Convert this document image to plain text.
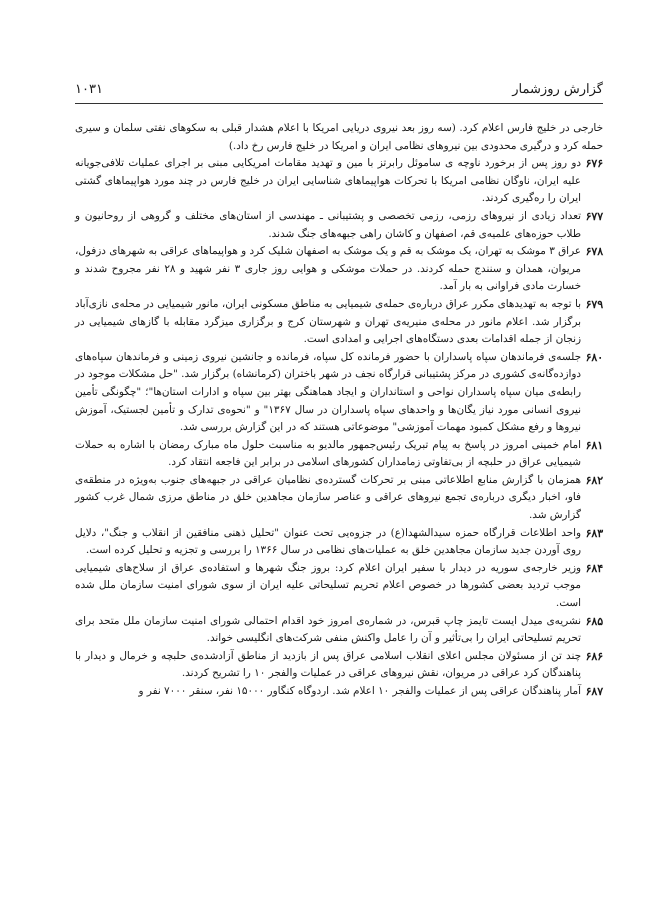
گزارش روزشمار
۱۰۳۱

خارجی در خلیج فارس اعلام کرد. (سه روز بعد نیروی دریایی امریکا با اعلام هشدار قبلی به سکوهای نفتی سلمان و سیری حمله کرد و درگیری محدودی بین نیروهای نظامی ایران و امریکا در خلیج فارس رخ داد.)

۶۷۶

دو روز پس از برخورد ناوچه ی ساموئل رابرتز با مین و تهدید مقامات امریکایی مبنی بر اجرای عملیات تلافی‌جویانه علیه ایران، ناوگان نظامی امریکا با تحرکات هواپیماهای شناسایی ایران در خلیج فارس در چند مورد هواپیماهای گشتی ایران را ره‌گیری کردند.

۶۷۷

تعداد زیادی از نیروهای رزمی، رزمی تخصصی و پشتیبانی ـ مهندسی از استان‌های مختلف و گروهی از روحانیون و طلاب حوزه‌های علمیه‌ی قم، اصفهان و کاشان راهی جبهه‌های جنگ شدند.

۶۷۸

عراق ۳ موشک به تهران، یک موشک به قم و یک موشک به اصفهان شلیک کرد و هواپیماهای عراقی به شهرهای دزفول، مریوان، همدان و سنندج حمله کردند. در حملات موشکی و هوایی روز جاری ۳ نفر شهید و ۲۸ نفر مجروح شدند و خسارت مادی فراوانی به بار آمد.

۶۷۹

با توجه به تهدیدهای مکرر عراق درباره‌ی حمله‌ی شیمیایی به مناطق مسکونی ایران، مانور شیمیایی در محله‌ی نازی‌آباد برگزار شد. اعلام مانور در محله‌ی منیریه‌ی تهران و شهرستان کرج و برگزاری میزگرد مقابله با گازهای شیمیایی در زنجان از جمله اقدامات بعدی دستگاه‌های اجرایی و امدادی است.

۶۸۰

جلسه‌ی فرماندهان سپاه پاسداران با حضور فرمانده کل سپاه، فرمانده و جانشین نیروی زمینی و فرماندهان سپاه‌های دوازده‌گانه‌ی کشوری در مرکز پشتیبانی قرارگاه نجف در شهر باختران (کرمانشاه) برگزار شد. "حل مشکلات موجود در رابطه‌ی میان سپاه پاسداران نواحی و استانداران و ایجاد هماهنگی بهتر بین سپاه و ادارات استان‌ها"؛ "چگونگی تأمین نیروی انسانی مورد نیاز یگان‌ها و واحدهای سپاه پاسداران در سال ۱۳۶۷" و "نحوه‌ی تدارک و تأمین لجستیک، آموزش نیروها و رفع مشکل کمبود مهمات آموزشی" موضوعاتی هستند که در این گزارش بررسی شد.

۶۸۱

امام خمینی امروز در پاسخ به پیام تبریک رئیس‌جمهور مالدیو به مناسبت حلول ماه مبارک رمضان با اشاره به حملات شیمیایی عراق در حلبچه از بی‌تفاوتی زمامداران کشورهای اسلامی در برابر این فاجعه انتقاد کرد.

۶۸۲

همزمان با گزارش منابع اطلاعاتی مبنی بر تحرکات گسترده‌ی نظامیان عراقی در جبهه‌های جنوب به‌ویژه در منطقه‌ی فاو، اخبار دیگری درباره‌ی تجمع نیروهای عراقی و عناصر سازمان مجاهدین خلق در مناطق مرزی شمال غرب کشور گزارش شد.

۶۸۳

واحد اطلاعات قرارگاه حمزه سیدالشهدا(ع) در جزوه‌یی تحت عنوان "تحلیل ذهنی منافقین از انقلاب و جنگ"، دلایل روی آوردن جدید سازمان مجاهدین خلق به عملیات‌های نظامی در سال ۱۳۶۶ را بررسی و تجزیه و تحلیل کرده است.

۶۸۴

وزیر خارجه‌ی سوریه در دیدار با سفیر ایران اعلام کرد: بروز جنگ شهرها و استفاده‌ی عراق از سلاح‌های شیمیایی موجب تردید بعضی کشورها در خصوص اعلام تحریم تسلیحاتی علیه ایران از سوی شورای امنیت سازمان ملل شده است.

۶۸۵

نشریه‌ی میدل ایست تایمز چاپ قبرس، در شماره‌ی امروز خود اقدام احتمالی شورای امنیت سازمان ملل متحد برای تحریم تسلیحاتی ایران را بی‌تأثیر و آن را عامل واکنش منفی شرکت‌های انگلیسی خواند.

۶۸۶

چند تن از مسئولان مجلس اعلای انقلاب اسلامی عراق پس از بازدید از مناطق آزادشده‌ی حلبچه و خرمال و دیدار با پناهندگان کرد عراقی در مریوان، نقش نیروهای عراقی در عملیات والفجر ۱۰ را تشریح کردند.

۶۸۷

آمار پناهندگان عراقی پس از عملیات والفجر ۱۰ اعلام شد. اردوگاه کنگاور ۱۵۰۰۰ نفر، سنقر ۷۰۰۰ نفر و
